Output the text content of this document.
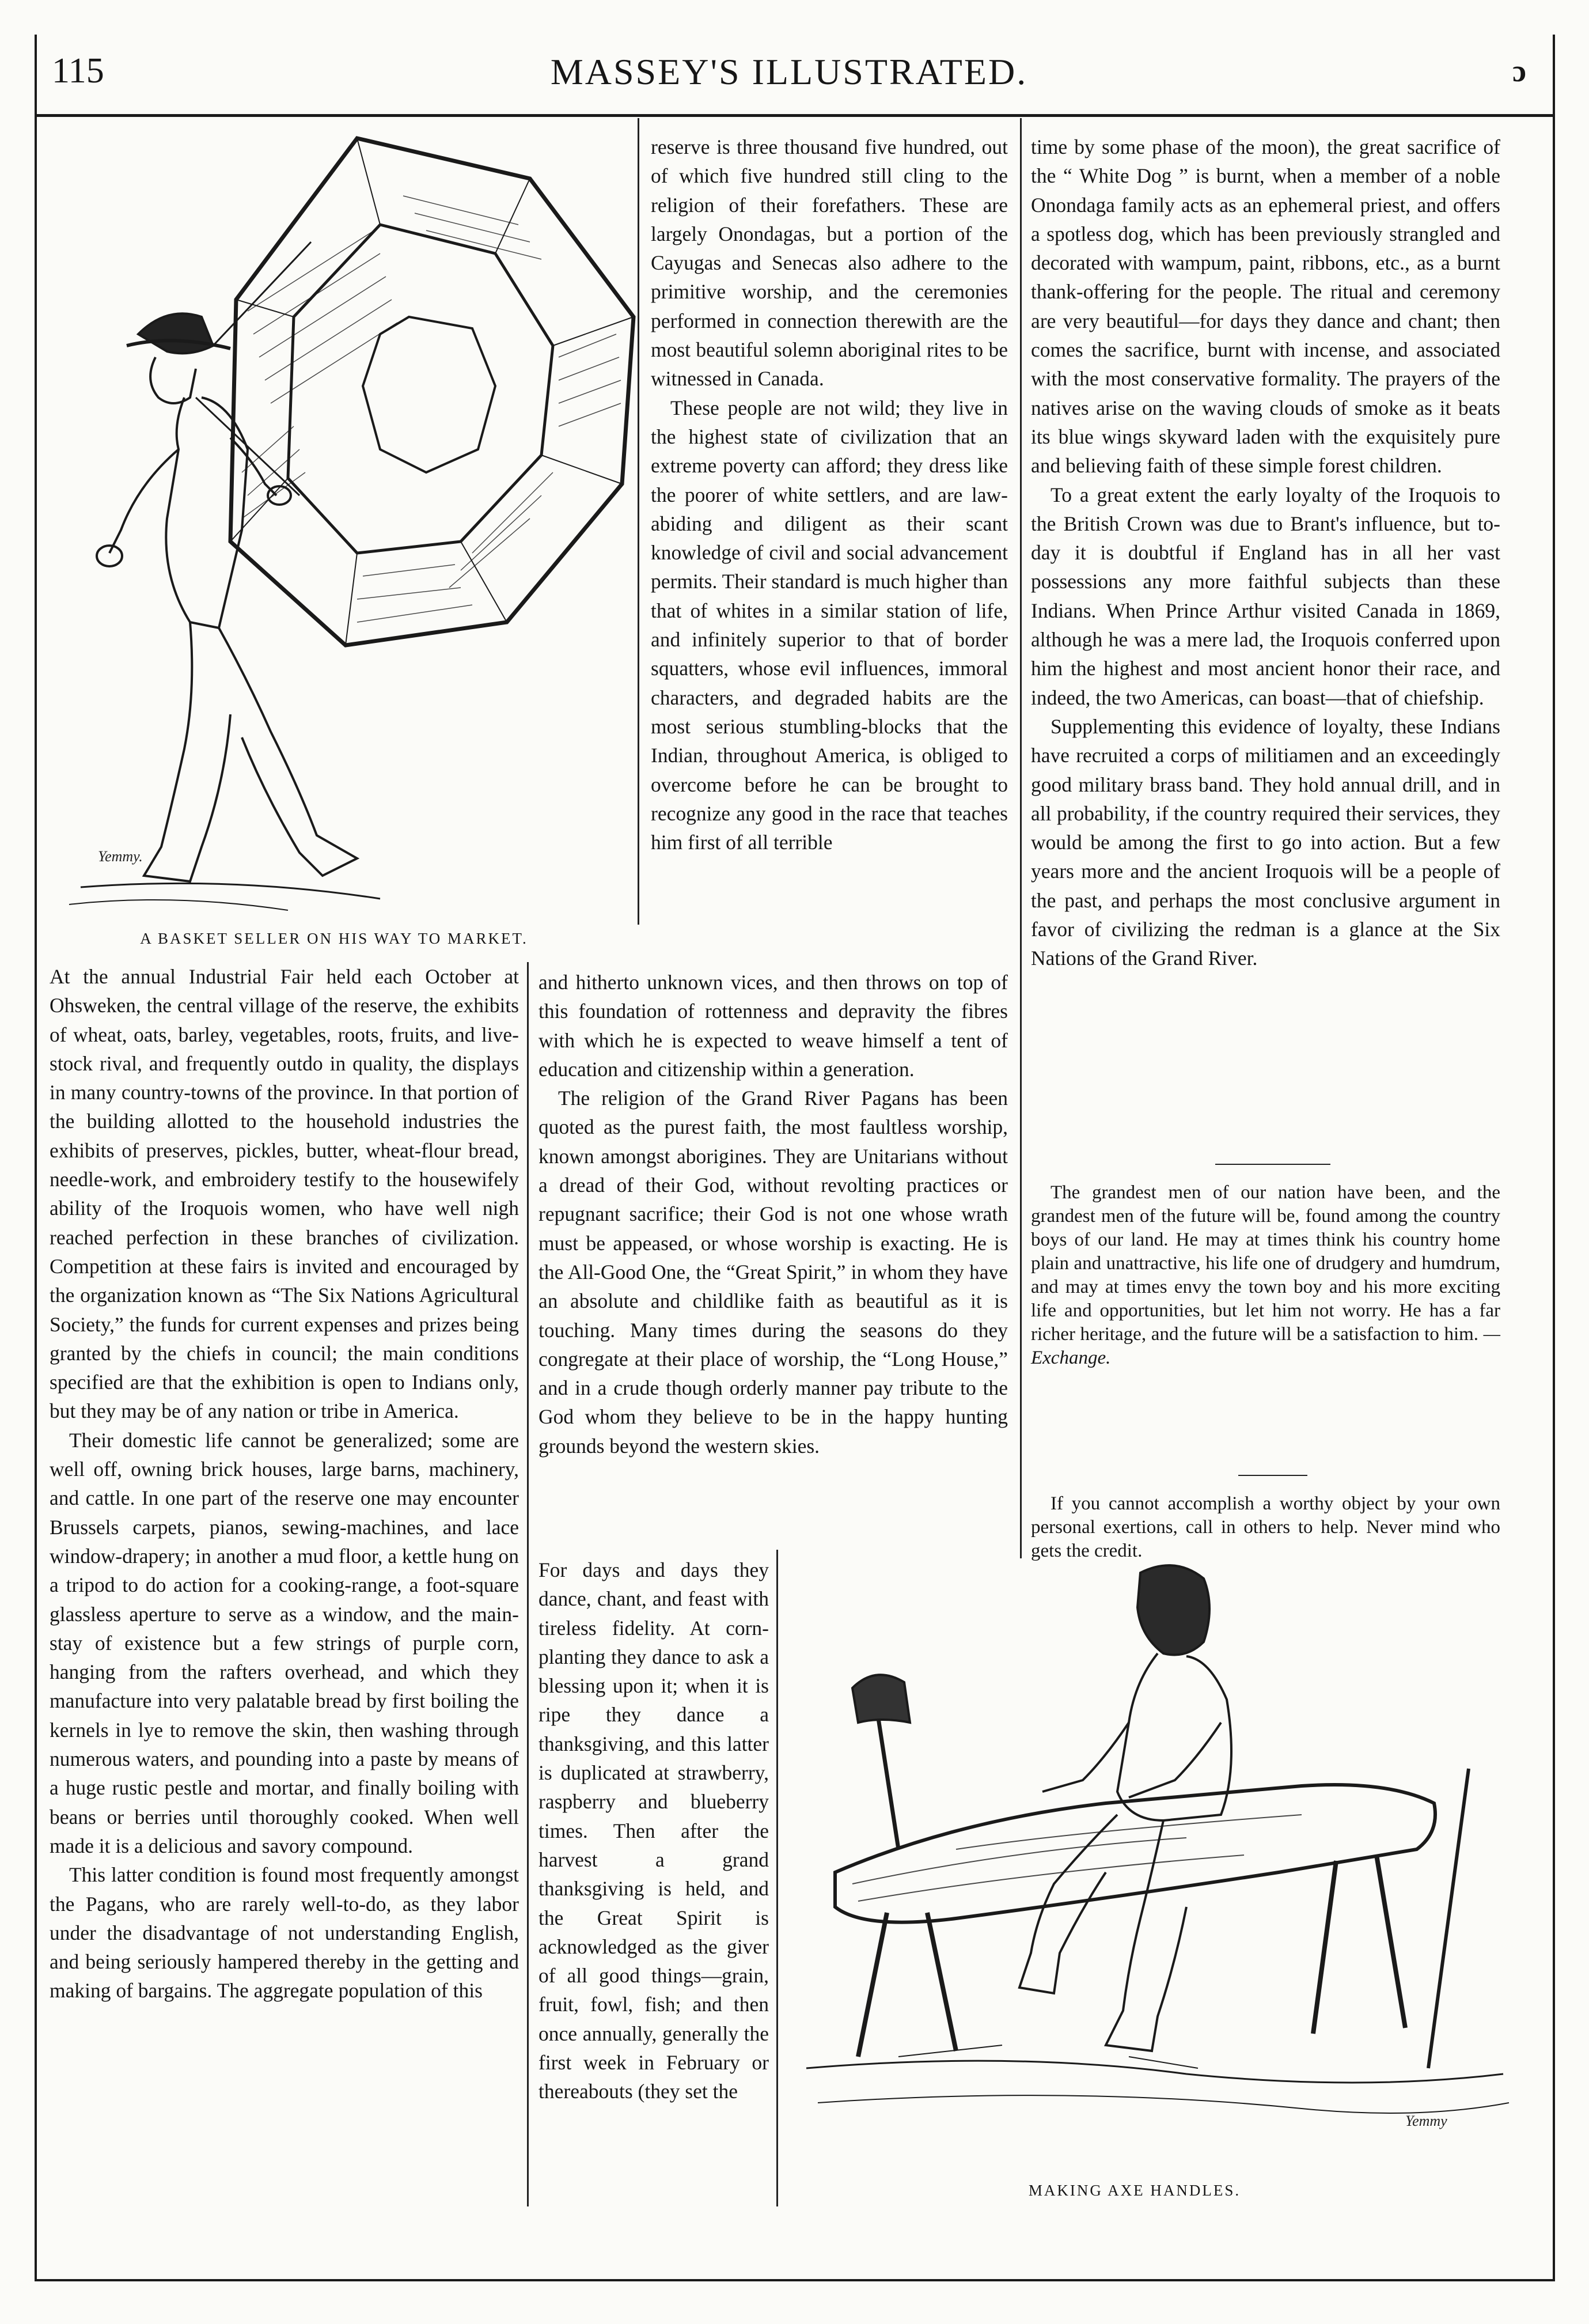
115	MASSEY'S ILLUSTRATED.	ɔ
Yemmy.
A BASKET SELLER ON HIS WAY TO MARKET.

reserve is three thousand five hundred, out of which five hundred still cling to the religion of their forefathers. These are largely Onondagas, but a portion of the Cayugas and Senecas also adhere to the primitive worship, and the ceremonies performed in connection therewith are the most beautiful solemn aboriginal rites to be witnessed in Canada.

These people are not wild; they live in the highest state of civilization that an extreme poverty can afford; they dress like the poorer of white settlers, and are law-abiding and diligent as their scant knowledge of civil and social advancement permits. Their standard is much higher than that of whites in a similar station of life, and infinitely superior to that of border squatters, whose evil influences, immoral characters, and degraded habits are the most serious stumbling-blocks that the Indian, throughout America, is obliged to overcome before he can be brought to recognize any good in the race that teaches him first of all terrible

At the annual Industrial Fair held each October at Ohsweken, the central village of the reserve, the exhibits of wheat, oats, barley, vegetables, roots, fruits, and live-stock rival, and frequently outdo in quality, the displays in many country-towns of the province. In that portion of the building allotted to the household industries the exhibits of preserves, pickles, butter, wheat-flour bread, needle-work, and embroidery testify to the housewifely ability of the Iroquois women, who have well nigh reached perfection in these branches of civilization. Competition at these fairs is invited and encouraged by the organization known as “The Six Nations Agricultural Society,” the funds for current expenses and prizes being granted by the chiefs in council; the main conditions specified are that the exhibition is open to Indians only, but they may be of any nation or tribe in America.

Their domestic life cannot be generalized; some are well off, owning brick houses, large barns, machinery, and cattle. In one part of the reserve one may encounter Brussels carpets, pianos, sewing-machines, and lace window-drapery; in another a mud floor, a kettle hung on a tripod to do action for a cooking-range, a foot-square glassless aperture to serve as a window, and the main-stay of existence but a few strings of purple corn, hanging from the rafters overhead, and which they manufacture into very palatable bread by first boiling the kernels in lye to remove the skin, then washing through numerous waters, and pounding into a paste by means of a huge rustic pestle and mortar, and finally boiling with beans or berries until thoroughly cooked. When well made it is a delicious and savory compound.

This latter condition is found most frequently amongst the Pagans, who are rarely well-to-do, as they labor under the disadvantage of not understanding English, and being seriously hampered thereby in the getting and making of bargains. The aggregate population of this

and hitherto unknown vices, and then throws on top of this foundation of rottenness and depravity the fibres with which he is expected to weave himself a tent of education and citizenship within a generation.

The religion of the Grand River Pagans has been quoted as the purest faith, the most faultless worship, known amongst aborigines. They are Unitarians without a dread of their God, without revolting practices or repugnant sacrifice; their God is not one whose wrath must be appeased, or whose worship is exacting. He is the All-Good One, the “Great Spirit,” in whom they have an absolute and childlike faith as beautiful as it is touching. Many times during the seasons do they congregate at their place of worship, the “Long House,” and in a crude though orderly manner pay tribute to the God whom they believe to be in the happy hunting grounds beyond the western skies.

For days and days they dance, chant, and feast with tireless fidelity. At corn-planting they dance to ask a blessing upon it; when it is ripe they dance a thanksgiving, and this latter is duplicated at strawberry, raspberry and blueberry times. Then after the harvest a grand thanksgiving is held, and the Great Spirit is acknowledged as the giver of all good things—grain, fruit, fowl, fish; and then once annually, generally the first week in February or thereabouts (they set the

time by some phase of the moon), the great sacrifice of the “ White Dog ” is burnt, when a member of a noble Onondaga family acts as an ephemeral priest, and offers a spotless dog, which has been previously strangled and decorated with wampum, paint, ribbons, etc., as a burnt thank-offering for the people. The ritual and ceremony are very beautiful—for days they dance and chant; then comes the sacrifice, burnt with incense, and associated with the most conservative formality. The prayers of the natives arise on the waving clouds of smoke as it beats its blue wings skyward laden with the exquisitely pure and believing faith of these simple forest children.

To a great extent the early loyalty of the Iroquois to the British Crown was due to Brant's influence, but to-day it is doubtful if England has in all her vast possessions any more faithful subjects than these Indians. When Prince Arthur visited Canada in 1869, although he was a mere lad, the Iroquois conferred upon him the highest and most ancient honor their race, and indeed, the two Americas, can boast—that of chiefship.

Supplementing this evidence of loyalty, these Indians have recruited a corps of militiamen and an exceedingly good military brass band. They hold annual drill, and in all probability, if the country required their services, they would be among the first to go into action. But a few years more and the ancient Iroquois will be a people of the past, and perhaps the most conclusive argument in favor of civilizing the redman is a glance at the Six Nations of the Grand River.

The grandest men of our nation have been, and the grandest men of the future will be, found among the country boys of our land. He may at times think his country home plain and unattractive, his life one of drudgery and humdrum, and may at times envy the town boy and his more exciting life and opportunities, but let him not worry. He has a far richer heritage, and the future will be a satisfaction to him. —Exchange.

If you cannot accomplish a worthy object by your own personal exertions, call in others to help. Never mind who gets the credit.

Yemmy
MAKING AXE HANDLES.
